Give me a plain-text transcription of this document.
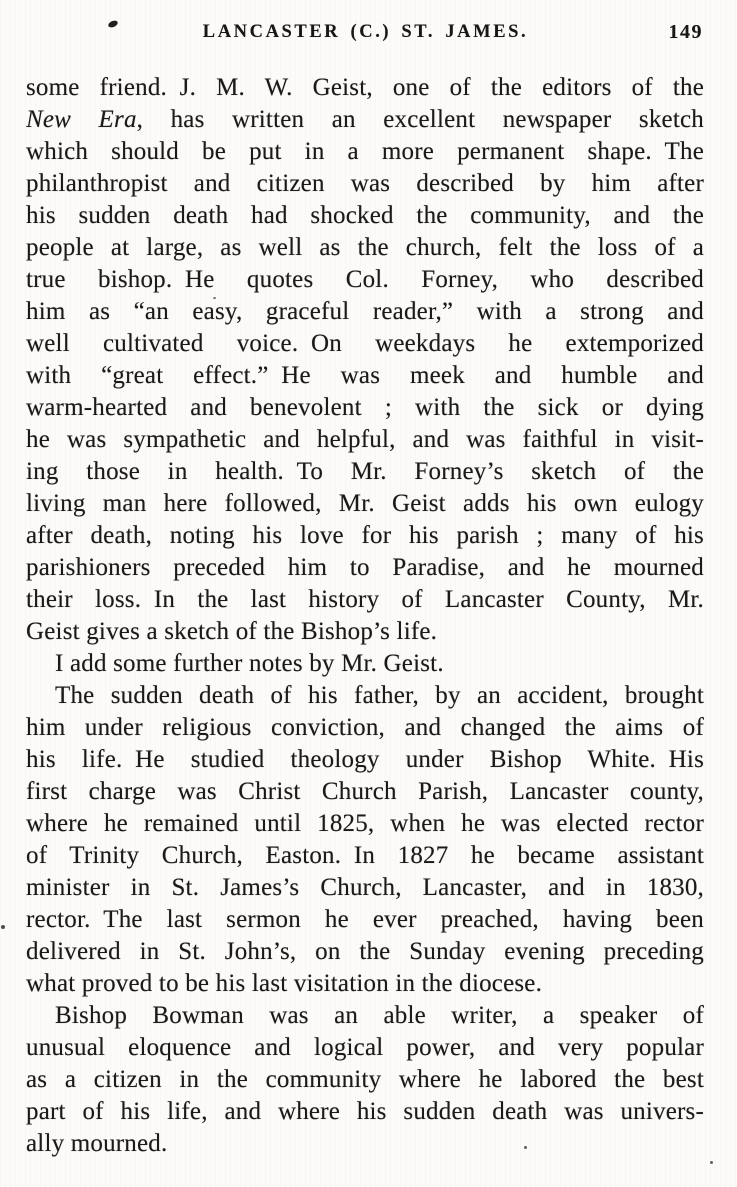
LANCASTER (C.) ST. JAMES.	149
some friend. J. M. W. Geist, one of the editors of the
New Era, has written an excellent newspaper sketch
which should be put in a more permanent shape. The
philanthropist and citizen was described by him after
his sudden death had shocked the community, and the
people at large, as well as the church, felt the loss of a
true bishop. He quotes Col. Forney, who described
him as “an easy, graceful reader,” with a strong and
well cultivated voice. On weekdays he extemporized
with “great effect.” He was meek and humble and
warm-hearted and benevolent ; with the sick or dying
he was sympathetic and helpful, and was faithful in visit-
ing those in health. To Mr. Forney’s sketch of the
living man here followed, Mr. Geist adds his own eulogy
after death, noting his love for his parish ; many of his
parishioners preceded him to Paradise, and he mourned
their loss. In the last history of Lancaster County, Mr.
Geist gives a sketch of the Bishop’s life.
I add some further notes by Mr. Geist.
The sudden death of his father, by an accident, brought
him under religious conviction, and changed the aims of
his life. He studied theology under Bishop White. His
first charge was Christ Church Parish, Lancaster county,
where he remained until 1825, when he was elected rector
of Trinity Church, Easton. In 1827 he became assistant
minister in St. James’s Church, Lancaster, and in 1830,
rector. The last sermon he ever preached, having been
delivered in St. John’s, on the Sunday evening preceding
what proved to be his last visitation in the diocese.
Bishop Bowman was an able writer, a speaker of
unusual eloquence and logical power, and very popular
as a citizen in the community where he labored the best
part of his life, and where his sudden death was univers-
ally mourned.
